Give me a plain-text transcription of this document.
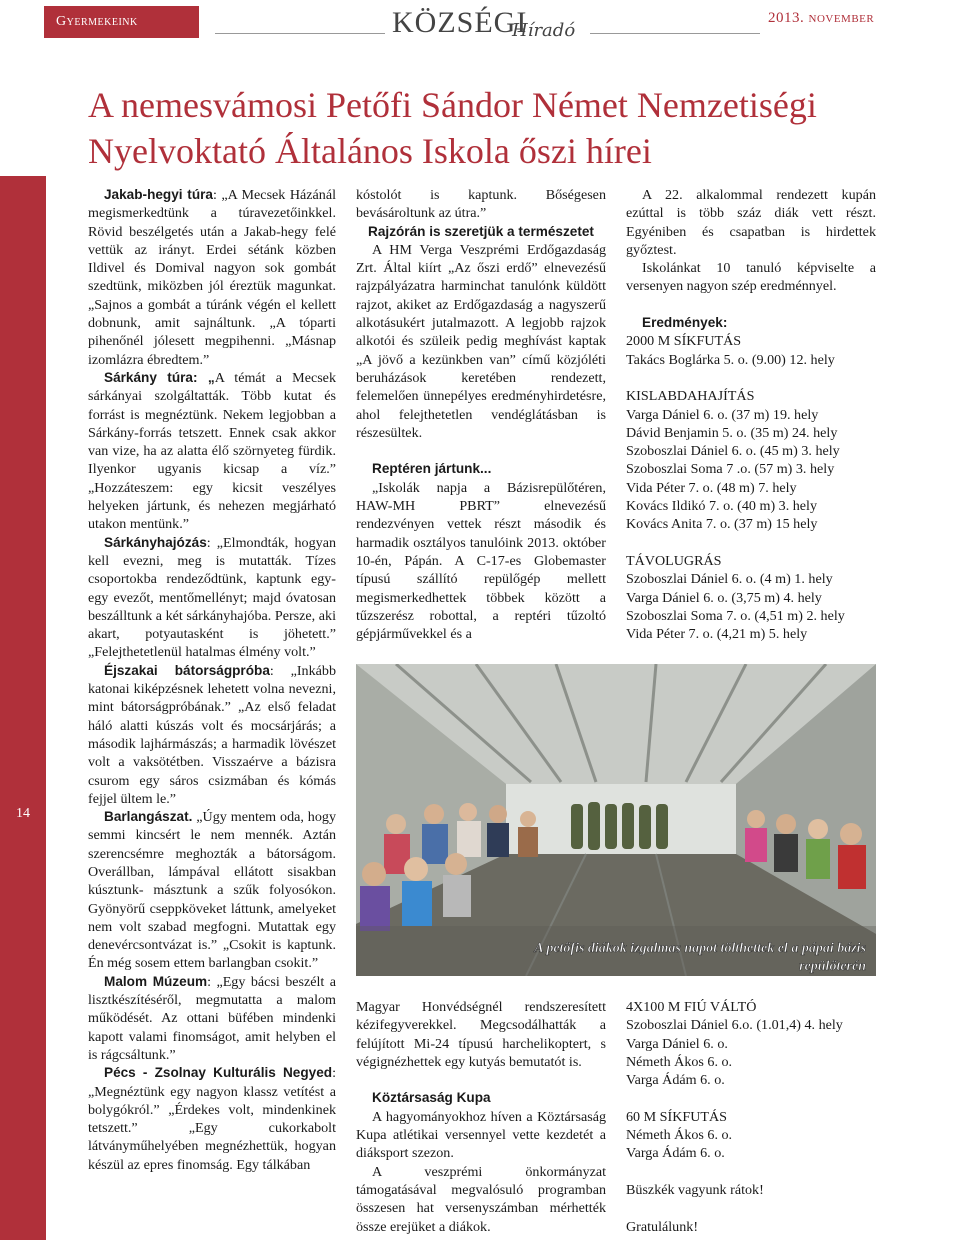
Gyermekeink	KÖZSÉGI
Híradó
2013. november
A nemesvámosi Petőfi Sándor Német Nemzetiségi
Nyelvoktató Általános Iskola őszi hírei
14

Jakab-hegyi túra: „A Mecsek Házánál megismerkedtünk a túravezetőinkkel. Rövid beszélgetés után a Jakab-hegy felé vettük az irányt. Erdei sétánk közben Ildivel és Domival nagyon sok gombát szedtünk, miközben jól éreztük magunkat. „Sajnos a gombát a túránk végén el kellett dobnunk, amit sajnáltunk. „A tóparti pihenőnél jólesett megpihenni. „Másnap izomlázra ébredtem.”

Sárkány túra: „A témát a Mecsek sárkányai szolgáltatták. Több kutat és forrást is megnéztünk. Nekem legjobban a Sárkány-forrás tetszett. Ennek csak akkor van vize, ha az alatta élő szörnyeteg fürdik. Ilyenkor ugyanis kicsap a víz.” „Hozzáteszem: egy kicsit veszélyes helyeken jártunk, és nehezen megjárható utakon mentünk.”

Sárkányhajózás: „Elmondták, hogyan kell evezni, meg is mutatták. Tízes csoportokba rendeződtünk, kaptunk egy-egy evezőt, mentőmellényt; majd óvatosan beszálltunk a két sárkányhajóba. Persze, aki akart, potyautasként is jöhetett.” „Felejthetetlenül hatalmas élmény volt.”

Éjszakai bátorságpróba: „Inkább katonai kiképzésnek lehetett volna nevezni, mint bátorságpróbának.” „Az első feladat háló alatti kúszás volt és mocsárjárás; a második lajhármászás; a harmadik lövészet volt a vaksötétben. Visszaérve a bázisra csurom egy sáros csizmában és kómás fejjel ültem le.”

Barlangászat. „Úgy mentem oda, hogy semmi kincsért le nem mennék. Aztán szerencsémre meghozták a bátorságom. Overállban, lámpával ellátott sisakban kúsztunk- másztunk a szűk folyosókon. Gyönyörű cseppköveket láttunk, amelyeket nem volt szabad megfogni. Mutattak egy denevércsontvázat is.” „Csokit is kaptunk. Én még sosem ettem barlangban csokit.”

Malom Múzeum: „Egy bácsi beszélt a lisztkészítéséről, megmutatta a malom működését. Az ottani büfében mindenki kapott valami finomságot, amit helyben el is rágcsáltunk.”

Pécs - Zsolnay Kulturális Negyed: „Megnéztünk egy nagyon klassz vetítést a bolygókról.” „Érdekes volt, mindenkinek tetszett.” „Egy cukorkabolt látványműhelyében megnézhettük, hogyan készül az epres finomság. Egy tálkában

kóstolót is kaptunk. Bőségesen bevásároltunk az útra.”

Rajzórán is szeretjük a természetet

A HM Verga Veszprémi Erdőgazdaság Zrt. Által kiírt „Az őszi erdő” elnevezésű rajzpályázatra harminchat tanulónk küldött rajzot, akiket az Erdőgazdaság a nagyszerű alkotásukért jutalmazott. A legjobb rajzok alkotói és szüleik pedig meghívást kaptak „A jövő a kezünkben van” című közjóléti beruházások keretében rendezett, felemelően ünnepélyes eredményhirdetésre, ahol felejthetetlen vendéglátásban is részesültek.

Reptéren jártunk...

„Iskolák napja a Bázisrepülőtéren, HAW-MH PBRT” elnevezésű rendezvényen vettek részt második és harmadik osztályos tanulóink 2013. október 10-én, Pápán. A C-17-es Globemaster típusú szállító repülőgép mellett megismerkedhettek többek között a tűzszerész robottal, a reptéri tűzoltó gépjárművekkel és a

A 22. alkalommal rendezett kupán ezúttal is több száz diák vett részt. Egyéniben és csapatban is hirdettek győztest.

Iskolánkat 10 tanuló képviselte a versenyen nagyon szép eredménnyel.

Eredmények:

2000 M SÍKFUTÁS

Takács Boglárka 5. o. (9.00) 12. hely

KISLABDAHAJÍTÁS

Varga Dániel 6. o. (37 m) 19. hely

Dávid Benjamin 5. o. (35 m) 24. hely

Szoboszlai Dániel 6. o. (45 m) 3. hely

Szoboszlai Soma 7 .o. (57 m) 3. hely

Vida Péter 7. o. (48 m) 7. hely

Kovács Ildikó 7. o. (40 m) 3. hely

Kovács Anita 7. o. (37 m) 15 hely

TÁVOLUGRÁS

Szoboszlai Dániel 6. o. (4 m) 1. hely

Varga Dániel 6. o. (3,75 m) 4. hely

Szoboszlai Soma 7. o. (4,51 m) 2. hely

Vida Péter 7. o. (4,21 m) 5. hely

A petőfis diákok izgalmas napot tölthettek el a pápai bázis
repülőterén

Magyar Honvédségnél rendszeresített kézifegyverekkel. Megcsodálhatták a felújított Mi-24 típusú harchelikoptert, s végignézhettek egy kutyás bemutatót is.

Köztársaság Kupa

A hagyományokhoz híven a Köztársaság Kupa atlétikai versennyel vette kezdetét a diáksport szezon.

A veszprémi önkormányzat támogatásával megvalósuló programban összesen hat versenyszámban mérhették össze erejüket a diákok.

4X100 M FIÚ VÁLTÓ

Szoboszlai Dániel 6.o. (1.01,4) 4. hely

Varga Dániel 6. o.

Németh Ákos 6. o.

Varga Ádám 6. o.

60 M SÍKFUTÁS

Németh Ákos 6. o.

Varga Ádám 6. o.

Büszkék vagyunk rátok!

Gratulálunk!
